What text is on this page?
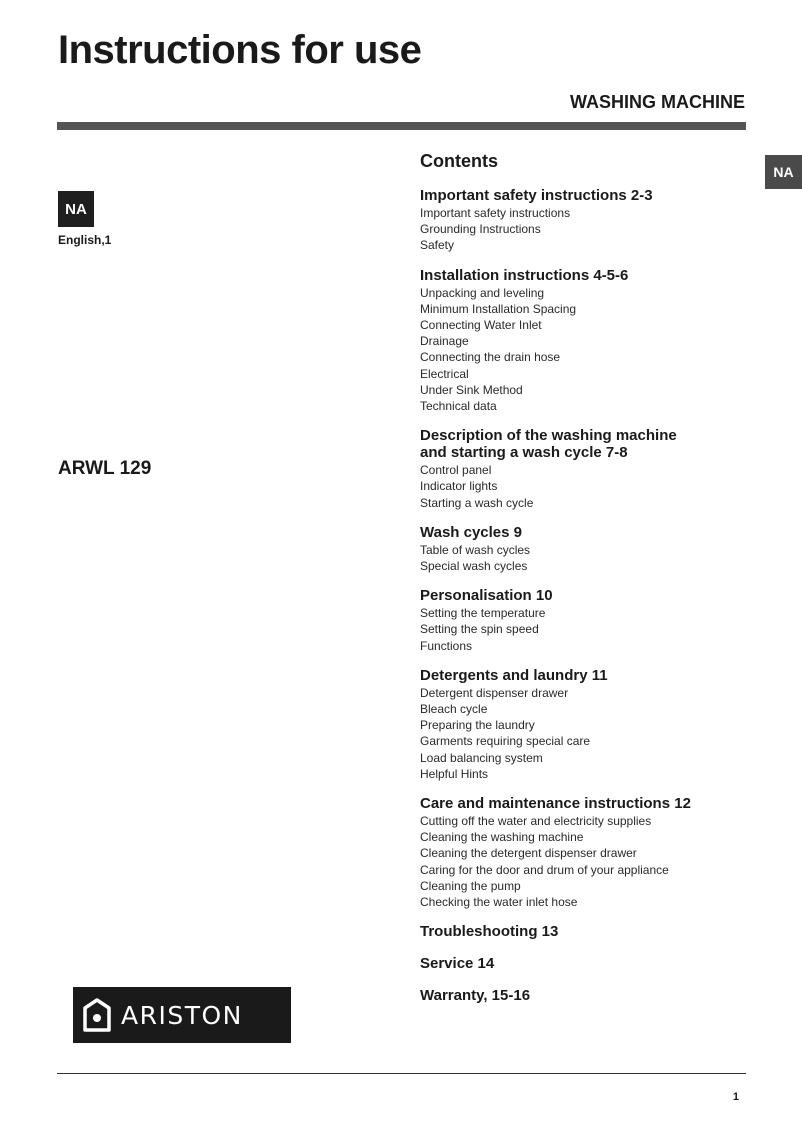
Instructions for use
WASHING MACHINE
NA
NA
English,1
ARWL 129
Contents
Important safety instructions 2-3
Important safety instructions
Grounding Instructions
Safety
Installation instructions 4-5-6
Unpacking and leveling
Minimum Installation Spacing
Connecting Water Inlet
Drainage
Connecting the drain hose
Electrical
Under Sink Method
Technical data
Description of the washing machine
and starting a wash cycle 7-8
Control panel
Indicator lights
Starting a wash cycle
Wash cycles 9
Table of wash cycles
Special wash cycles
Personalisation 10
Setting the temperature
Setting the spin speed
Functions
Detergents and laundry 11
Detergent dispenser drawer
Bleach cycle
Preparing the laundry
Garments requiring special care
Load balancing system
Helpful Hints
Care and maintenance instructions 12
Cutting off the water and electricity supplies
Cleaning the washing machine
Cleaning the detergent dispenser drawer
Caring for the door and drum of your appliance
Cleaning the pump
Checking the water inlet hose
Troubleshooting 13
Service 14
Warranty, 15-16
ARISTON
1
